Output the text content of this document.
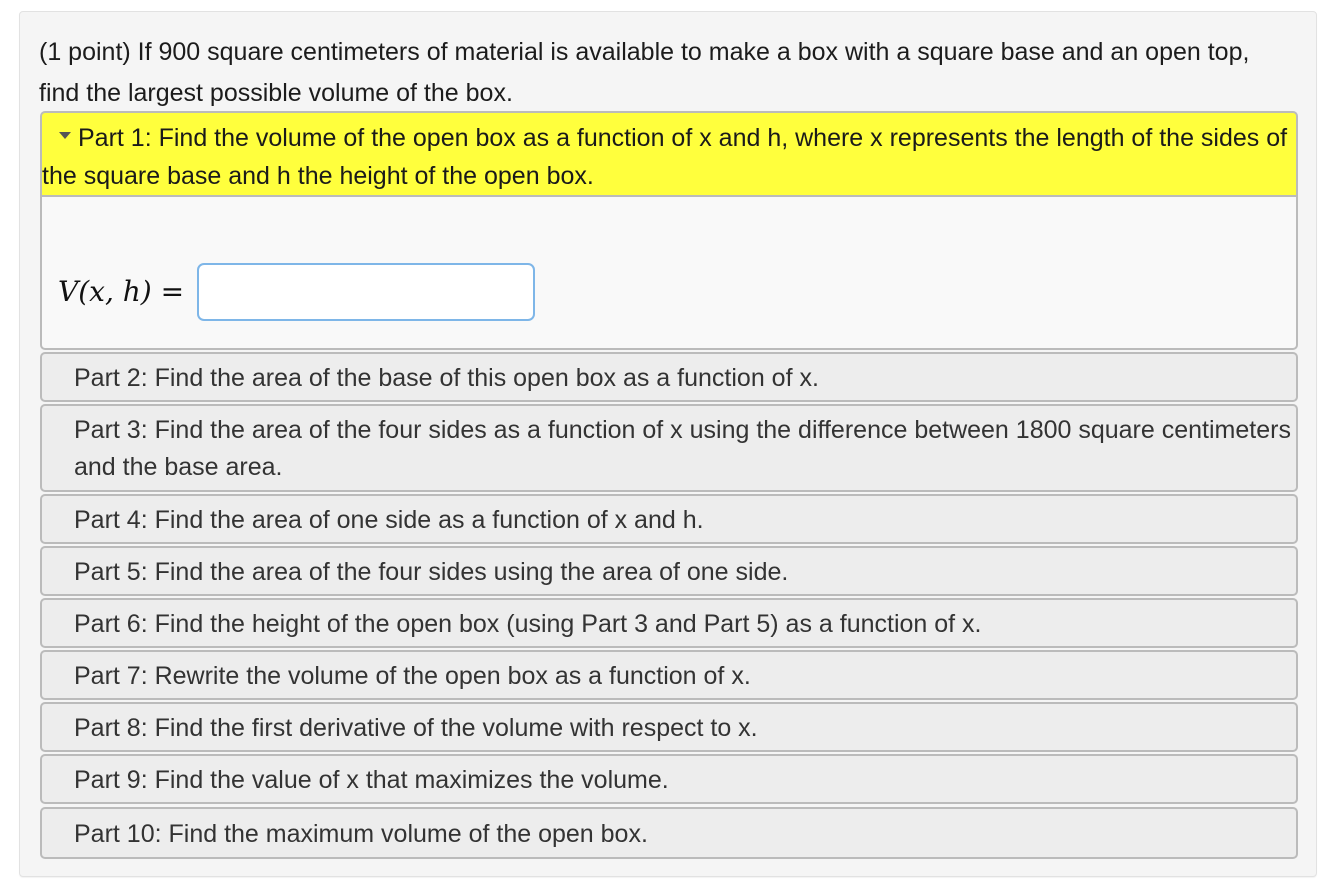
(1 point) If 900 square centimeters of material is available to make a box with a square base and an open top, find the largest possible volume of the box.
Part 1: Find the volume of the open box as a function of x and h, where x represents the length of the sides of the square base and h the height of the open box.
V(x, h) =
Part 2: Find the area of the base of this open box as a function of x.
Part 3: Find the area of the four sides as a function of x using the difference between 1800 square centimeters and the base area.
Part 4: Find the area of one side as a function of x and h.
Part 5: Find the area of the four sides using the area of one side.
Part 6: Find the height of the open box (using Part 3 and Part 5) as a function of x.
Part 7: Rewrite the volume of the open box as a function of x.
Part 8: Find the first derivative of the volume with respect to x.
Part 9: Find the value of x that maximizes the volume.
Part 10: Find the maximum volume of the open box.
